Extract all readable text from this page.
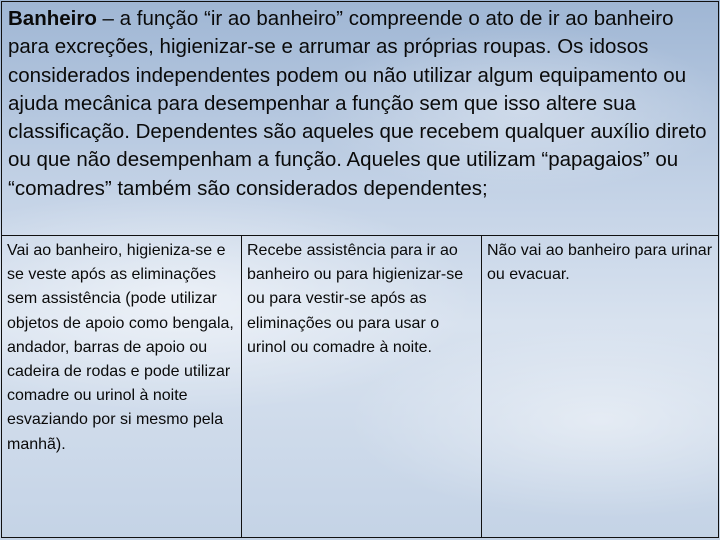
Banheiro – a função “ir ao banheiro” compreende o ato de ir ao banheiro para excreções, higienizar-se e arrumar as próprias roupas. Os idosos considerados independentes podem ou não utilizar algum equipamento ou ajuda mecânica para desempenhar a função sem que isso altere sua classificação. Dependentes são aqueles que recebem qualquer auxílio direto ou que não desempenham a função. Aqueles que utilizam “papagaios” ou “comadres” também são considerados dependentes;
Vai ao banheiro, higieniza-se e se veste após as eliminações sem assistência (pode utilizar objetos de apoio como bengala, andador, barras de apoio ou cadeira de rodas e pode utilizar comadre ou urinol à noite esvaziando por si mesmo pela manhã).	Recebe assistência para ir ao banheiro ou para higienizar-se ou para vestir-se após as eliminações ou para usar o urinol ou comadre à noite.	Não vai ao banheiro para urinar ou evacuar.
